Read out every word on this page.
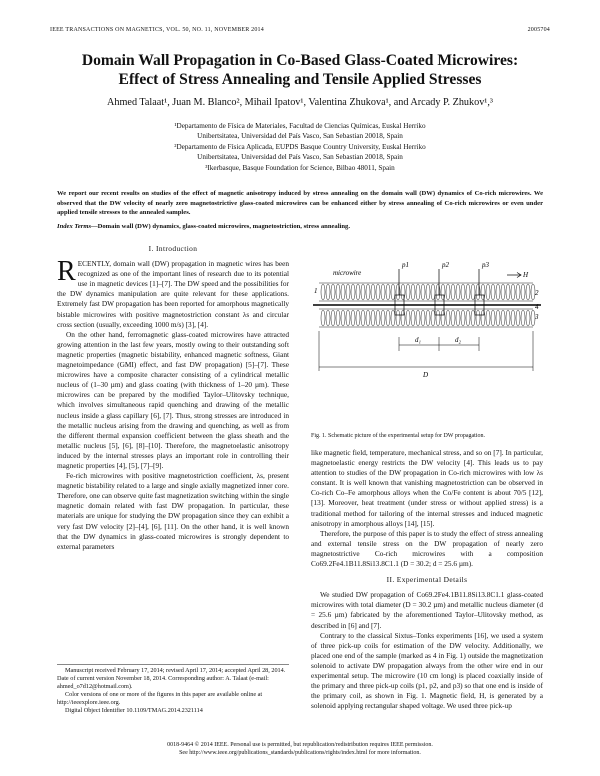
IEEE TRANSACTIONS ON MAGNETICS, VOL. 50, NO. 11, NOVEMBER 2014	2005704
Domain Wall Propagation in Co-Based Glass-Coated Microwires:
Effect of Stress Annealing and Tensile Applied Stresses
Ahmed Talaat¹, Juan M. Blanco², Mihail Ipatov¹, Valentina Zhukova¹, and Arcady P. Zhukov¹,³
¹Departamento de Física de Materiales, Facultad de Ciencias Químicas, Euskal Herriko
Unibertsitatea, Universidad del País Vasco, San Sebastian 20018, Spain
²Departamento de Física Aplicada, EUPDS Basque Country University, Euskal Herriko
Unibertsitatea, Universidad del País Vasco, San Sebastian 20018, Spain
³Ikerbasque, Basque Foundation for Science, Bilbao 48011, Spain
We report our recent results on studies of the effect of magnetic anisotropy induced by stress annealing on the domain wall (DW) dynamics of Co-rich microwires. We observed that the DW velocity of nearly zero magnetostrictive glass-coated microwires can be enhanced either by stress annealing of Co-rich microwires or even under applied tensile stresses to the annealed samples.
Index Terms—Domain wall (DW) dynamics, glass-coated microwires, magnetostriction, stress annealing.
I. Introduction

RECENTLY, domain wall (DW) propagation in magnetic wires has been recognized as one of the important lines of research due to its potential use in magnetic devices [1]–[7]. The DW speed and the possibilities for the DW dynamics manipulation are quite relevant for these applications. Extremely fast DW propagation has been reported for amorphous magnetically bistable microwires with positive magnetostriction constant λs and circular cross section (usually, exceeding 1000 m/s) [3], [4].

On the other hand, ferromagnetic glass-coated microwires have attracted growing attention in the last few years, mostly owing to their outstanding soft magnetic properties (magnetic bistability, enhanced magnetic softness, Giant magnetoimpedance (GMI) effect, and fast DW propagation) [5]–[7]. These microwires have a composite character consisting of a cylindrical metallic nucleus of (1–30 µm) and glass coating (with thickness of 1–20 µm). These microwires can be prepared by the modified Taylor–Ulitovsky technique, which involves simultaneous rapid quenching and drawing of the metallic nucleus inside a glass capillary [6], [7]. Thus, strong stresses are introduced in the metallic nucleus arising from the drawing and quenching, as well as from the different thermal expansion coefficient between the glass sheath and the metallic nucleus [5], [6], [8]–[10]. Therefore, the magnetoelastic anisotropy induced by the internal stresses plays an important role in controlling their magnetic properties [4], [5], [7]–[9].

Fe-rich microwires with positive magnetostriction coefficient, λs, present magnetic bistability related to a large and single axially magnetized inner core. Therefore, one can observe quite fast magnetization switching within the single magnetic domain related with fast DW propagation. In particular, these materials are unique for studying the DW propagation since they can exhibit a very fast DW velocity [2]–[4], [6], [11]. On the other hand, it is well known that the DW dynamics in glass-coated microwires is strongly dependent to external parameters

Manuscript received February 17, 2014; revised April 17, 2014; accepted April 28, 2014. Date of current version November 18, 2014. Corresponding author: A. Talaat (e-mail: ahmed_o7d12@hotmail.com).

Color versions of one or more of the figures in this paper are available online at http://ieeexplore.ieee.org.

Digital Object Identifier 10.1109/TMAG.2014.2321114

microwire
p1	p2	p3
d₁	d₂
D
H
1	2
3
4
Fig. 1. Schematic picture of the experimental setup for DW propagation.

like magnetic field, temperature, mechanical stress, and so on [7]. In particular, magnetoelastic energy restricts the DW velocity [4]. This leads us to pay attention to studies of the DW propagation in Co-rich microwires with low λs constant. It is well known that vanishing magnetostriction can be observed in Co-rich Co–Fe amorphous alloys when the Co/Fe content is about 70/5 [12], [13]. Moreover, heat treatment (under stress or without applied stress) is a traditional method for tailoring of the internal stresses and induced magnetic anisotropy in amorphous alloys [14], [15].

Therefore, the purpose of this paper is to study the effect of stress annealing and external tensile stress on the DW propagation of nearly zero magnetostrictive Co-rich microwires with a composition Co69.2Fe4.1B11.8Si13.8C1.1 (D = 30.2; d = 25.6 µm).

II. Experimental Details

We studied DW propagation of Co69.2Fe4.1B11.8Si13.8C1.1 glass-coated microwires with total diameter (D = 30.2 µm) and metallic nucleus diameter (d = 25.6 µm) fabricated by the aforementioned Taylor–Ulitovsky method, as described in [6] and [7].

Contrary to the classical Sixtus–Tonks experiments [16], we used a system of three pick-up coils for estimation of the DW velocity. Additionally, we placed one end of the sample (marked as 4 in Fig. 1) outside the magnetization solenoid to activate DW propagation always from the other wire end in our experimental setup. The microwire (10 cm long) is placed coaxially inside of the primary and three pick-up coils (p1, p2, and p3) so that one end is inside of the primary coil, as shown in Fig. 1. Magnetic field, H, is generated by a solenoid applying rectangular shaped voltage. We used three pick-up

0018-9464 © 2014 IEEE. Personal use is permitted, but republication/redistribution requires IEEE permission.
See http://www.ieee.org/publications_standards/publications/rights/index.html for more information.
